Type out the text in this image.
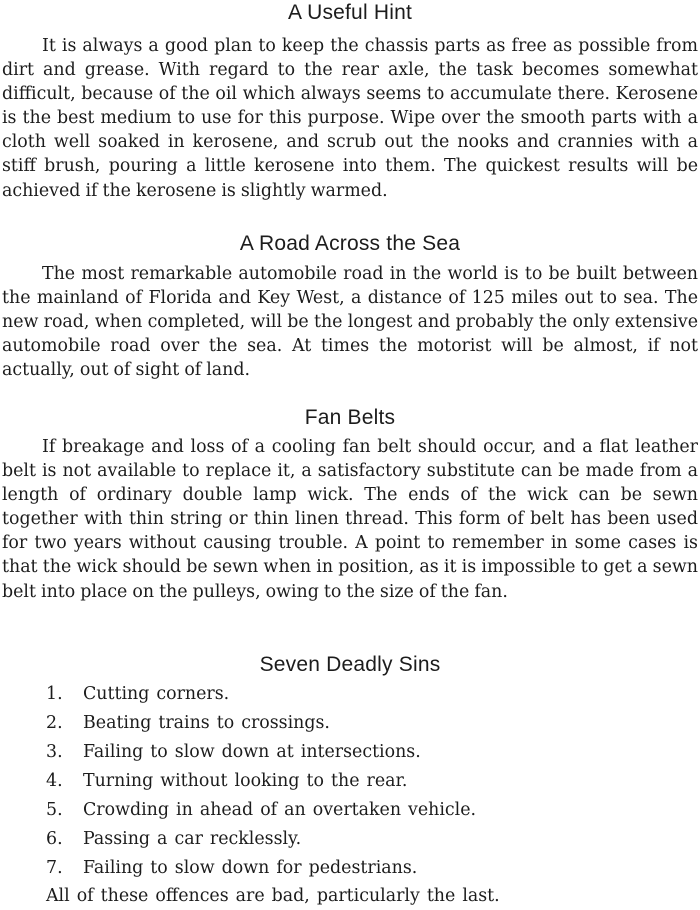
A Useful Hint

It is always a good plan to keep the chassis parts as free as possible from dirt and grease. With regard to the rear axle, the task becomes somewhat difficult, because of the oil which always seems to accumulate there. Kerosene is the best medium to use for this purpose. Wipe over the smooth parts with a cloth well soaked in kerosene, and scrub out the nooks and crannies with a stiff brush, pouring a little kerosene into them. The quickest results will be achieved if the kerosene is slightly warmed.

A Road Across the Sea

The most remarkable automobile road in the world is to be built between the mainland of Florida and Key West, a distance of 125 miles out to sea. The new road, when completed, will be the longest and probably the only extensive automobile road over the sea. At times the motorist will be almost, if not actually, out of sight of land.

Fan Belts

If breakage and loss of a cooling fan belt should occur, and a flat leather belt is not available to replace it, a satisfactory substitute can be made from a length of ordinary double lamp wick. The ends of the wick can be sewn together with thin string or thin linen thread. This form of belt has been used for two years without causing trouble. A point to remember in some cases is that the wick should be sewn when in position, as it is impossible to get a sewn belt into place on the pulleys, owing to the size of the fan.

Seven Deadly Sins
1. Cutting corners.
2. Beating trains to crossings.
3. Failing to slow down at intersections.
4. Turning without looking to the rear.
5. Crowding in ahead of an overtaken vehicle.
6. Passing a car recklessly.
7. Failing to slow down for pedestrians.

All of these offences are bad, particularly the last.
